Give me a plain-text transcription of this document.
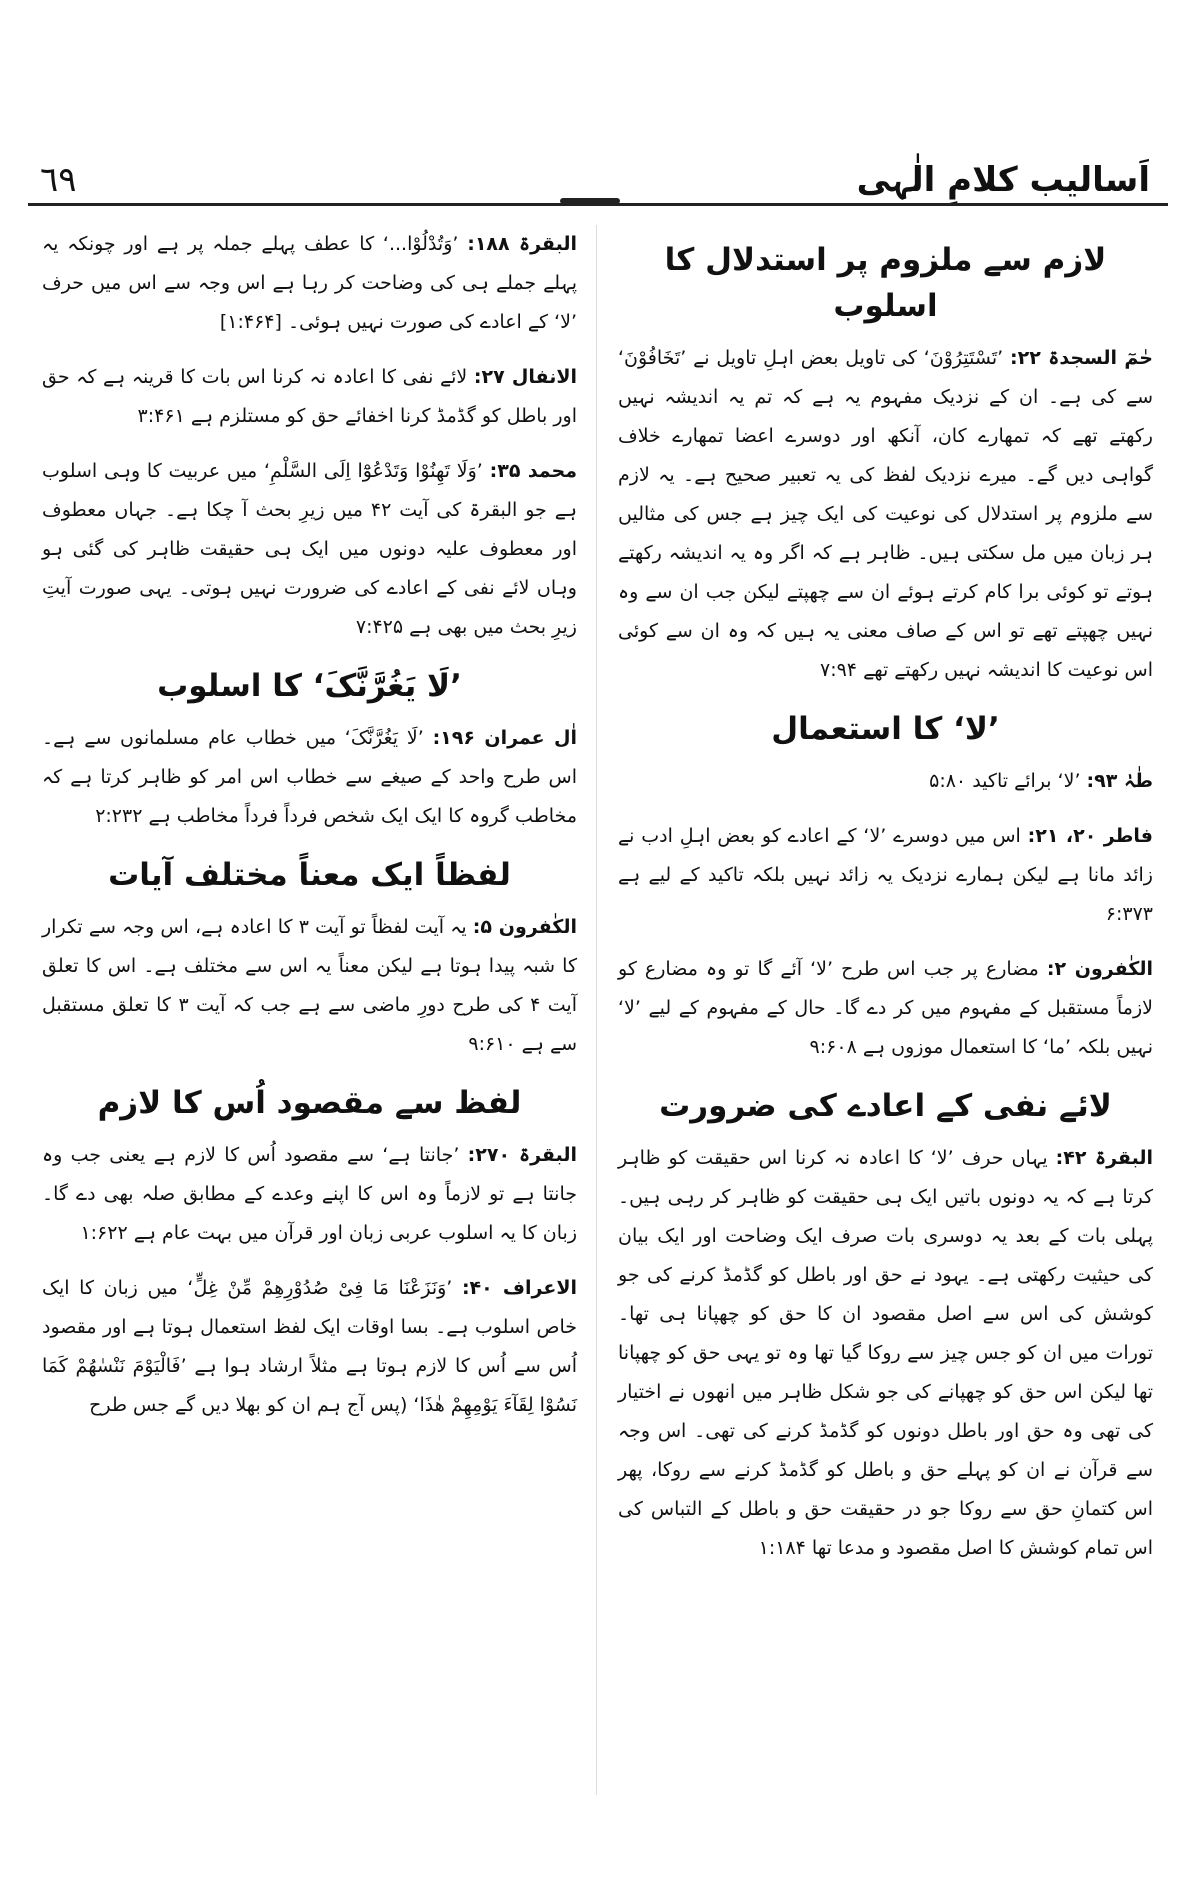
٦٩	اَسالیب کلامِ الٰہی
لازم سے ملزوم پر استدلال کا اسلوب

حٰمٓ السجدۃ ۲۲: ’تَسْتَتِرُوْنَ‘ کی تاویل بعض اہلِ تاویل نے ’تَخَافُوْنَ‘ سے کی ہے۔ ان کے نزدیک مفہوم یہ ہے کہ تم یہ اندیشہ نہیں رکھتے تھے کہ تمھارے کان، آنکھ اور دوسرے اعضا تمھارے خلاف گواہی دیں گے۔ میرے نزدیک لفظ کی یہ تعبیر صحیح ہے۔ یہ لازم سے ملزوم پر استدلال کی نوعیت کی ایک چیز ہے جس کی مثالیں ہر زبان میں مل سکتی ہیں۔ ظاہر ہے کہ اگر وہ یہ اندیشہ رکھتے ہوتے تو کوئی برا کام کرتے ہوئے ان سے چھپتے لیکن جب ان سے وہ نہیں چھپتے تھے تو اس کے صاف معنی یہ ہیں کہ وہ ان سے کوئی اس نوعیت کا اندیشہ نہیں رکھتے تھے ۷:۹۴

’لا‘ کا استعمال

طٰہٰ ۹۳: ’لا‘ برائے تاکید ۵:۸۰

فاطر ۲۰، ۲۱: اس میں دوسرے ’لا‘ کے اعادے کو بعض اہلِ ادب نے زائد مانا ہے لیکن ہمارے نزدیک یہ زائد نہیں بلکہ تاکید کے لیے ہے ۶:۳۷۳

الکٰفرون ۲: مضارع پر جب اس طرح ’لا‘ آئے گا تو وہ مضارع کو لازماً مستقبل کے مفہوم میں کر دے گا۔ حال کے مفہوم کے لیے ’لا‘ نہیں بلکہ ’ما‘ کا استعمال موزوں ہے ۹:۶۰۸

لائے نفی کے اعادے کی ضرورت

البقرۃ ۴۲: یہاں حرف ’لا‘ کا اعادہ نہ کرنا اس حقیقت کو ظاہر کرتا ہے کہ یہ دونوں باتیں ایک ہی حقیقت کو ظاہر کر رہی ہیں۔ پہلی بات کے بعد یہ دوسری بات صرف ایک وضاحت اور ایک بیان کی حیثیت رکھتی ہے۔ یہود نے حق اور باطل کو گڈمڈ کرنے کی جو کوشش کی اس سے اصل مقصود ان کا حق کو چھپانا ہی تھا۔ تورات میں ان کو جس چیز سے روکا گیا تھا وہ تو یہی حق کو چھپانا تھا لیکن اس حق کو چھپانے کی جو شکل ظاہر میں انھوں نے اختیار کی تھی وہ حق اور باطل دونوں کو گڈمڈ کرنے کی تھی۔ اس وجہ سے قرآن نے ان کو پہلے حق و باطل کو گڈمڈ کرنے سے روکا، پھر اس کتمانِ حق سے روکا جو در حقیقت حق و باطل کے التباس کی اس تمام کوشش کا اصل مقصود و مدعا تھا ۱:۱۸۴

البقرۃ ۱۸۸: ’وَتُدْلُوْا...‘ کا عطف پہلے جملہ پر ہے اور چونکہ یہ پہلے جملے ہی کی وضاحت کر رہا ہے اس وجہ سے اس میں حرف ’لا‘ کے اعادے کی صورت نہیں ہوئی۔ [۱:۴۶۴]

الانفال ۲۷: لائے نفی کا اعادہ نہ کرنا اس بات کا قرینہ ہے کہ حق اور باطل کو گڈمڈ کرنا اخفائے حق کو مستلزم ہے ۳:۴۶۱

محمد ۳۵: ’وَلَا تَھِنُوْا وَتَدْعُوْٓا اِلَی السَّلْمِ‘ میں عربیت کا وہی اسلوب ہے جو البقرۃ کی آیت ۴۲ میں زیرِ بحث آ چکا ہے۔ جہاں معطوف اور معطوف علیہ دونوں میں ایک ہی حقیقت ظاہر کی گئی ہو وہاں لائے نفی کے اعادے کی ضرورت نہیں ہوتی۔ یہی صورت آیتِ زیرِ بحث میں بھی ہے ۷:۴۲۵

’لَا یَغُرَّنَّکَ‘ کا اسلوب

اٰل عمران ۱۹۶: ’لَا یَغُرَّنَّکَ‘ میں خطاب عام مسلمانوں سے ہے۔ اس طرح واحد کے صیغے سے خطاب اس امر کو ظاہر کرتا ہے کہ مخاطب گروہ کا ایک ایک شخص فرداً فرداً مخاطب ہے ۲:۲۳۲

لفظاً ایک معناً مختلف آیات

الکٰفرون ۵: یہ آیت لفظاً تو آیت ۳ کا اعادہ ہے، اس وجہ سے تکرار کا شبہ پیدا ہوتا ہے لیکن معناً یہ اس سے مختلف ہے۔ اس کا تعلق آیت ۴ کی طرح دورِ ماضی سے ہے جب کہ آیت ۳ کا تعلق مستقبل سے ہے ۹:۶۱۰

لفظ سے مقصود اُس کا لازم

البقرۃ ۲۷۰: ’جانتا ہے‘ سے مقصود اُس کا لازم ہے یعنی جب وہ جانتا ہے تو لازماً وہ اس کا اپنے وعدے کے مطابق صلہ بھی دے گا۔ زبان کا یہ اسلوب عربی زبان اور قرآن میں بہت عام ہے ۱:۶۲۲

الاعراف ۴۰: ’وَنَزَعْنَا مَا فِیْ صُدُوْرِھِمْ مِّنْ غِلٍّ‘ میں زبان کا ایک خاص اسلوب ہے۔ بسا اوقات ایک لفظ استعمال ہوتا ہے اور مقصود اُس سے اُس کا لازم ہوتا ہے مثلاً ارشاد ہوا ہے ’فَالْیَوْمَ نَنْسٰھُمْ کَمَا نَسُوْا لِقَآءَ یَوْمِھِمْ ھٰذَا‘ (پس آج ہم ان کو بھلا دیں گے جس طرح
